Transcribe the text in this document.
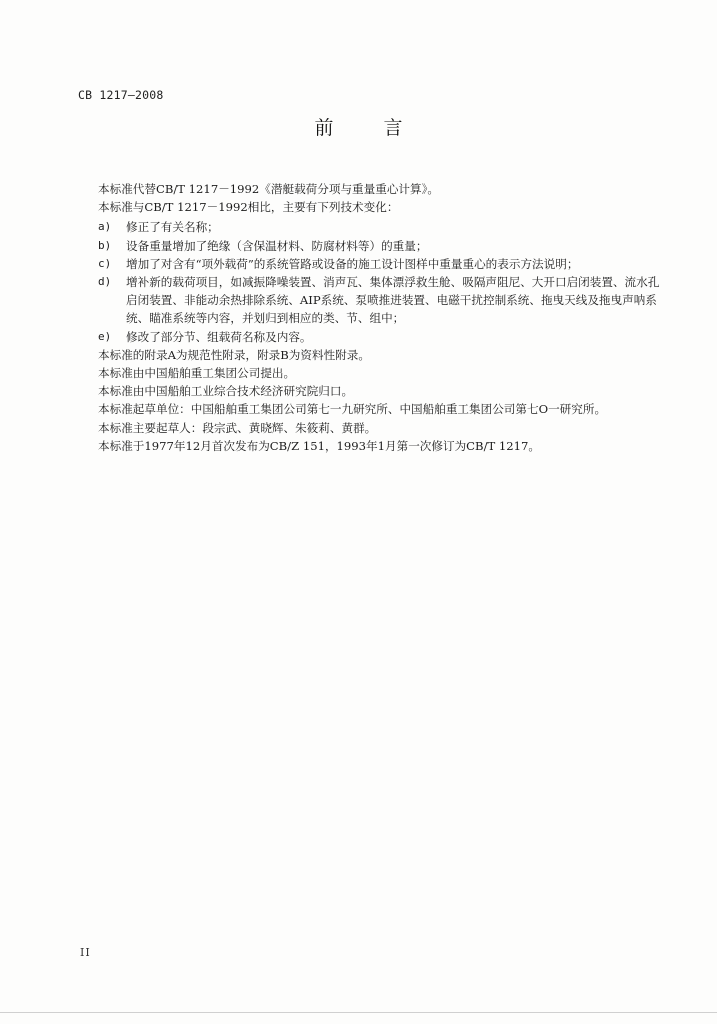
CB 1217—2008
前 言

本标准代替CB/T 1217－1992《潜艇载荷分项与重量重心计算》。

本标准与CB/T 1217－1992相比，主要有下列技术变化：

a)	修正了有关名称；
b)	设备重量增加了绝缘（含保温材料、防腐材料等）的重量；
c)	增加了对含有“项外载荷”的系统管路或设备的施工设计图样中重量重心的表示方法说明；
d)	增补新的载荷项目，如减振降噪装置、消声瓦、集体漂浮救生舱、吸隔声阻尼、大开口启闭装置、流水孔启闭装置、非能动余热排除系统、AIP系统、泵喷推进装置、电磁干扰控制系统、拖曳天线及拖曳声呐系统、瞄准系统等内容，并划归到相应的类、节、组中；
e)	修改了部分节、组载荷名称及内容。

本标准的附录A为规范性附录，附录B为资料性附录。

本标准由中国船舶重工集团公司提出。

本标准由中国船舶工业综合技术经济研究院归口。

本标准起草单位：中国船舶重工集团公司第七一九研究所、中国船舶重工集团公司第七O一研究所。

本标准主要起草人：段宗武、黄晓辉、朱筱莉、黄群。

本标准于1977年12月首次发布为CB/Z 151，1993年1月第一次修订为CB/T 1217。

II
